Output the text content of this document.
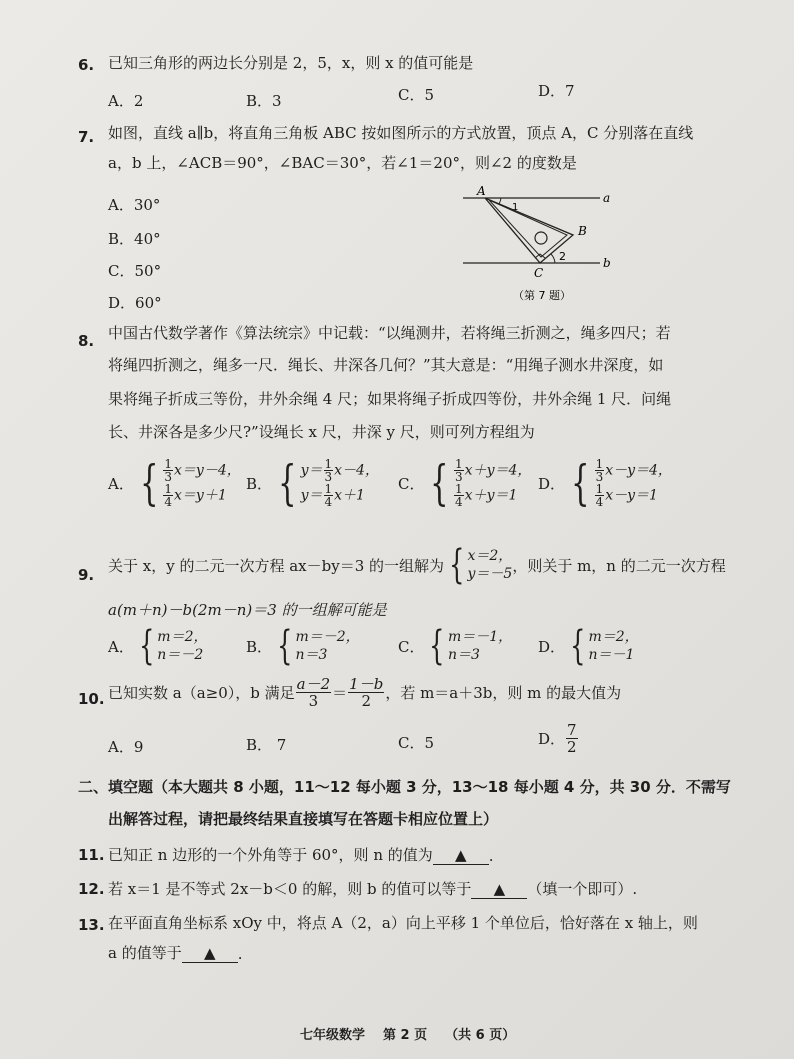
6. 已知三角形的两边长分别是 2，5，x，则 x 的值可能是
A．2	B．3	C．5	D．7
7. 如图，直线 a∥b，将直角三角板 ABC 按如图所示的方式放置，顶点 A，C 分别落在直线
a，b 上，∠ACB＝90°，∠BAC＝30°，若∠1＝20°，则∠2 的度数是
A．30°
B．40°
C．50°
D．60°
A
B
C
a
b
1
2
（第 7 题）
8. 中国古代数学著作《算法统宗》中记载：“以绳测井，若将绳三折测之，绳多四尺；若
将绳四折测之，绳多一尺．绳长、井深各几何？”其大意是：“用绳子测水井深度，如
果将绳子折成三等份，井外余绳 4 尺；如果将绳子折成四等份，井外余绳 1 尺．问绳
长、井深各是多少尺?”设绳长 x 尺，井深 y 尺，则可列方程组为
A． { $\frac{1}{3} x=y-4$，
$\frac{1}{4} x=y+1$
B． { $y= \frac{1}{3} x-4$，
$y= \frac{1}{4} x+1$
C． { $\frac{1}{3} x+y=4$，
$\frac{1}{4} x+y=1$
D． { $\frac{1}{3} x-y=4$，
$\frac{1}{4} x-y=1$
9.
关于 x，y 的二元一次方程 ax－by＝3 的一组解为 { x＝2，
y＝－5 ，则关于 m，n 的二元一次方程
a(m＋n)－b(2m－n)＝3 的一组解可能是
A． { m＝2，
n＝－2	B． { m＝－2，
n＝3	C． { m＝－1，
n＝3	D． { m＝2，
n＝－1
10. 已知实数 a（a≥0），b 满足 $\frac{a-2}{3} = \frac{1-b}{2}$ ，若 m＝a＋3b，则 m 的最大值为
A．9	B． 7	C．5	D． $\frac{7}{2}$
二、填空题（本大题共 8 小题，11～12 每小题 3 分，13～18 每小题 4 分，共 30 分．不需写
出解答过程，请把最终结果直接填写在答题卡相应位置上）
11. 已知正 n 边形的一个外角等于 60°，则 n 的值为	▲	.
12. 若 x＝1 是不等式 2x－b＜0 的解，则 b 的值可以等于	▲	（填一个即可）.
13. 在平面直角坐标系 xOy 中，将点 A（2，a）向上平移 1 个单位后，恰好落在 x 轴上，则
a 的值等于	▲	.
七年级数学 第 2 页 （共 6 页）
